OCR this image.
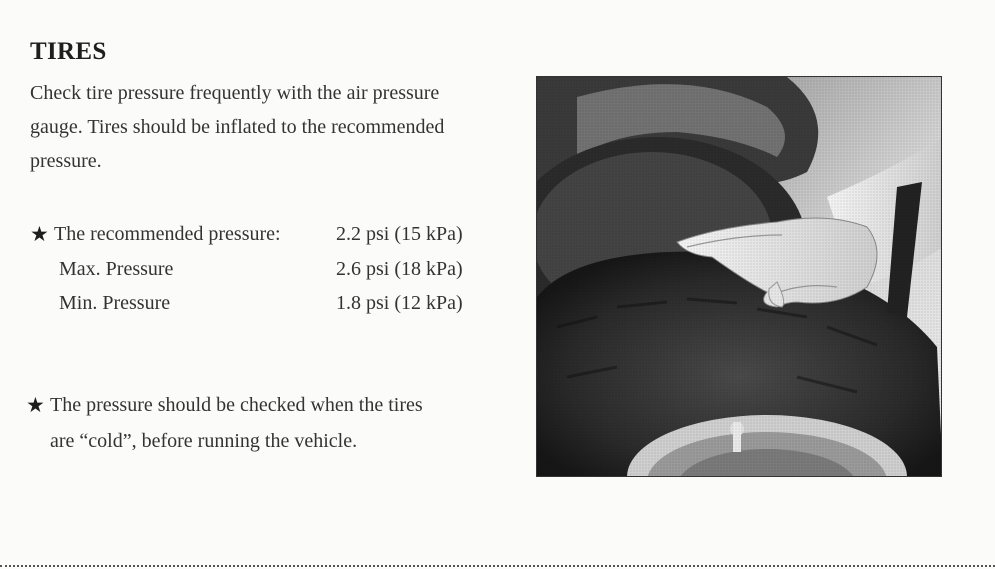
TIRES
Check tire pressure frequently with the air pressure
gauge. Tires should be inflated to the recommended
pressure.
★ The recommended pressure:	2.2 psi (15 kPa)
Max. Pressure	2.6 psi (18 kPa)
Min. Pressure	1.8 psi (12 kPa)
★ The pressure should be checked when the tires
are “cold”, before running the vehicle.
